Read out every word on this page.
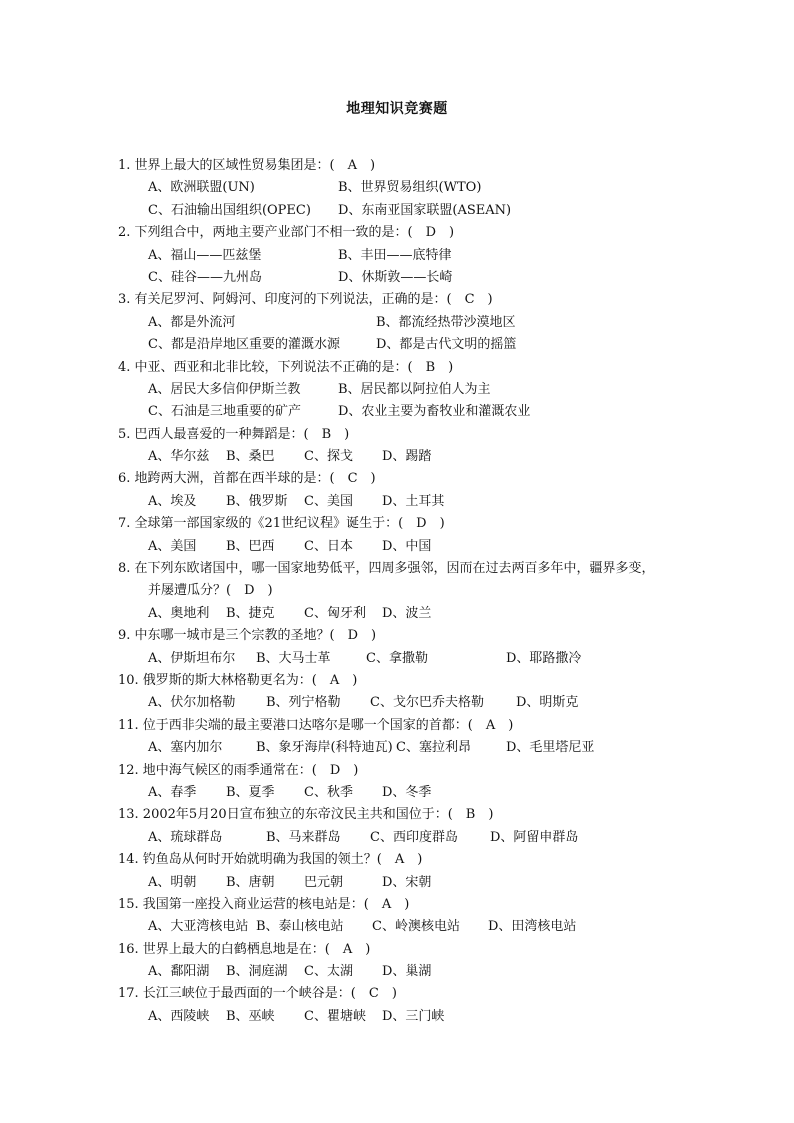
地理知识竞赛题
1. 世界上最大的区域性贸易集团是：(　A　)
A、欧洲联盟(UN)	B、世界贸易组织(WTO)
C、石油输出国组织(OPEC) D、东南亚国家联盟(ASEAN)
2. 下列组合中，两地主要产业部门不相一致的是：(　D　)
A、福山——匹兹堡	B、丰田——底特律
C、硅谷——九州岛	D、休斯敦——长崎
3. 有关尼罗河、阿姆河、印度河的下列说法，正确的是：(　C　)
A、都是外流河	B、都流经热带沙漠地区
C、都是沿岸地区重要的灌溉水源	D、都是古代文明的摇篮
4. 中亚、西亚和北非比较，下列说法不正确的是：(　B　)
A、居民大多信仰伊斯兰教	B、居民都以阿拉伯人为主
C、石油是三地重要的矿产	D、农业主要为畜牧业和灌溉农业
5. 巴西人最喜爱的一种舞蹈是：(　B　)
A、华尔兹 B、桑巴 C、探戈 D、踢踏
6. 地跨两大洲，首都在西半球的是：(　C　)
A、埃及 B、俄罗斯 C、美国 D、土耳其
7. 全球第一部国家级的《21世纪议程》诞生于：(　D　)
A、美国 B、巴西 C、日本 D、中国
8. 在下列东欧诸国中，哪一国家地势低平，四周多强邻，因而在过去两百多年中，疆界多变，
并屡遭瓜分？(　D　)
A、奥地利 B、捷克 C、匈牙利 D、波兰
9. 中东哪一城市是三个宗教的圣地？(　D　)
A、伊斯坦布尔 B、大马士革	C、拿撒勒	D、耶路撒冷
10. 俄罗斯的斯大林格勒更名为：(　A　)
A、伏尔加格勒 B、列宁格勒 C、戈尔巴乔夫格勒 D、明斯克
11. 位于西非尖端的最主要港口达喀尔是哪一个国家的首都：(　A　)
A、塞内加尔	B、象牙海岸(科特迪瓦) C、塞拉利昂	D、毛里塔尼亚
12. 地中海气候区的雨季通常在：(　D　)
A、春季 B、夏季 C、秋季 D、冬季
13. 2002年5月20日宣布独立的东帝汶民主共和国位于：(　B　)
A、琉球群岛	B、马来群岛 C、西印度群岛 D、阿留申群岛
14. 钓鱼岛从何时开始就明确为我国的领土？(　A　)
A、明朝 B、唐朝 巴元朝	D、宋朝
15. 我国第一座投入商业运营的核电站是：(　A　)
A、大亚湾核电站 B、泰山核电站 C、岭澳核电站 D、田湾核电站
16. 世界上最大的白鹤栖息地是在：(　A　)
A、鄱阳湖 B、洞庭湖 C、太湖 D、巢湖
17. 长江三峡位于最西面的一个峡谷是：(　C　)
A、西陵峡 B、巫峡 C、瞿塘峡 D、三门峡
